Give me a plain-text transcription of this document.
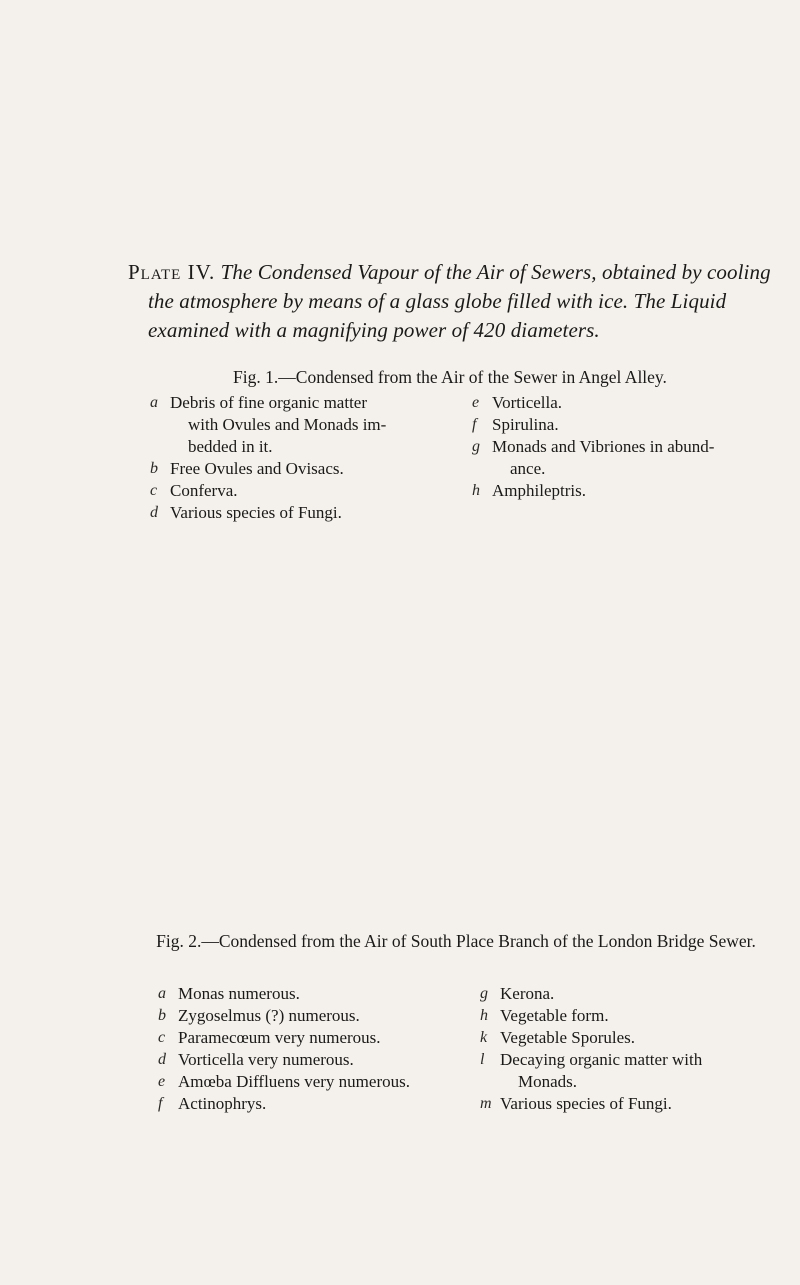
Plate IV. The Condensed Vapour of the Air of Sewers, obtained by cooling the atmosphere by means of a glass globe filled with ice. The Liquid examined with a magnifying power of 420 diameters.
Fig. 1.—Condensed from the Air of the Sewer in Angel Alley.
a Debris of fine organic matter
with Ovules and Monads im-
bedded in it.
b Free Ovules and Ovisacs.
c Conferva.
d Various species of Fungi.
e Vorticella.
f Spirulina.
g Monads and Vibriones in abund-
ance.
h Amphileptris.
Fig. 2.—Condensed from the Air of South Place Branch of the London Bridge Sewer.
a Monas numerous.
b Zygoselmus (?) numerous.
c Paramecœum very numerous.
d Vorticella very numerous.
e Amœba Diffluens very numerous.
f Actinophrys.
g Kerona.
h Vegetable form.
k Vegetable Sporules.
l Decaying organic matter with
Monads.
m Various species of Fungi.
